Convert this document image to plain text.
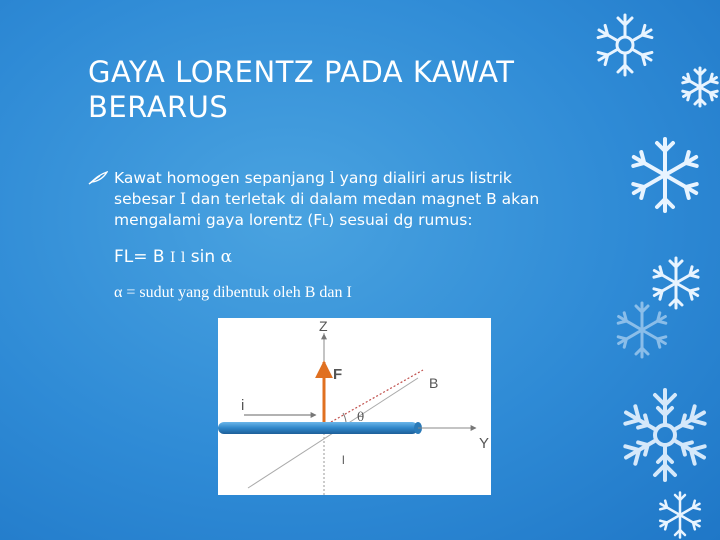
GAYA LORENTZ PADA KAWAT BERARUS
Kawat homogen sepanjang l yang dialiri arus listrik
sebesar I dan terletak di dalam medan magnet B akan
mengalami gaya lorentz (FL) sesuai dg rumus:
FL= B I l sin α
α = sudut yang dibentuk oleh B dan I
Z
F	B
i
θ
Y
l
